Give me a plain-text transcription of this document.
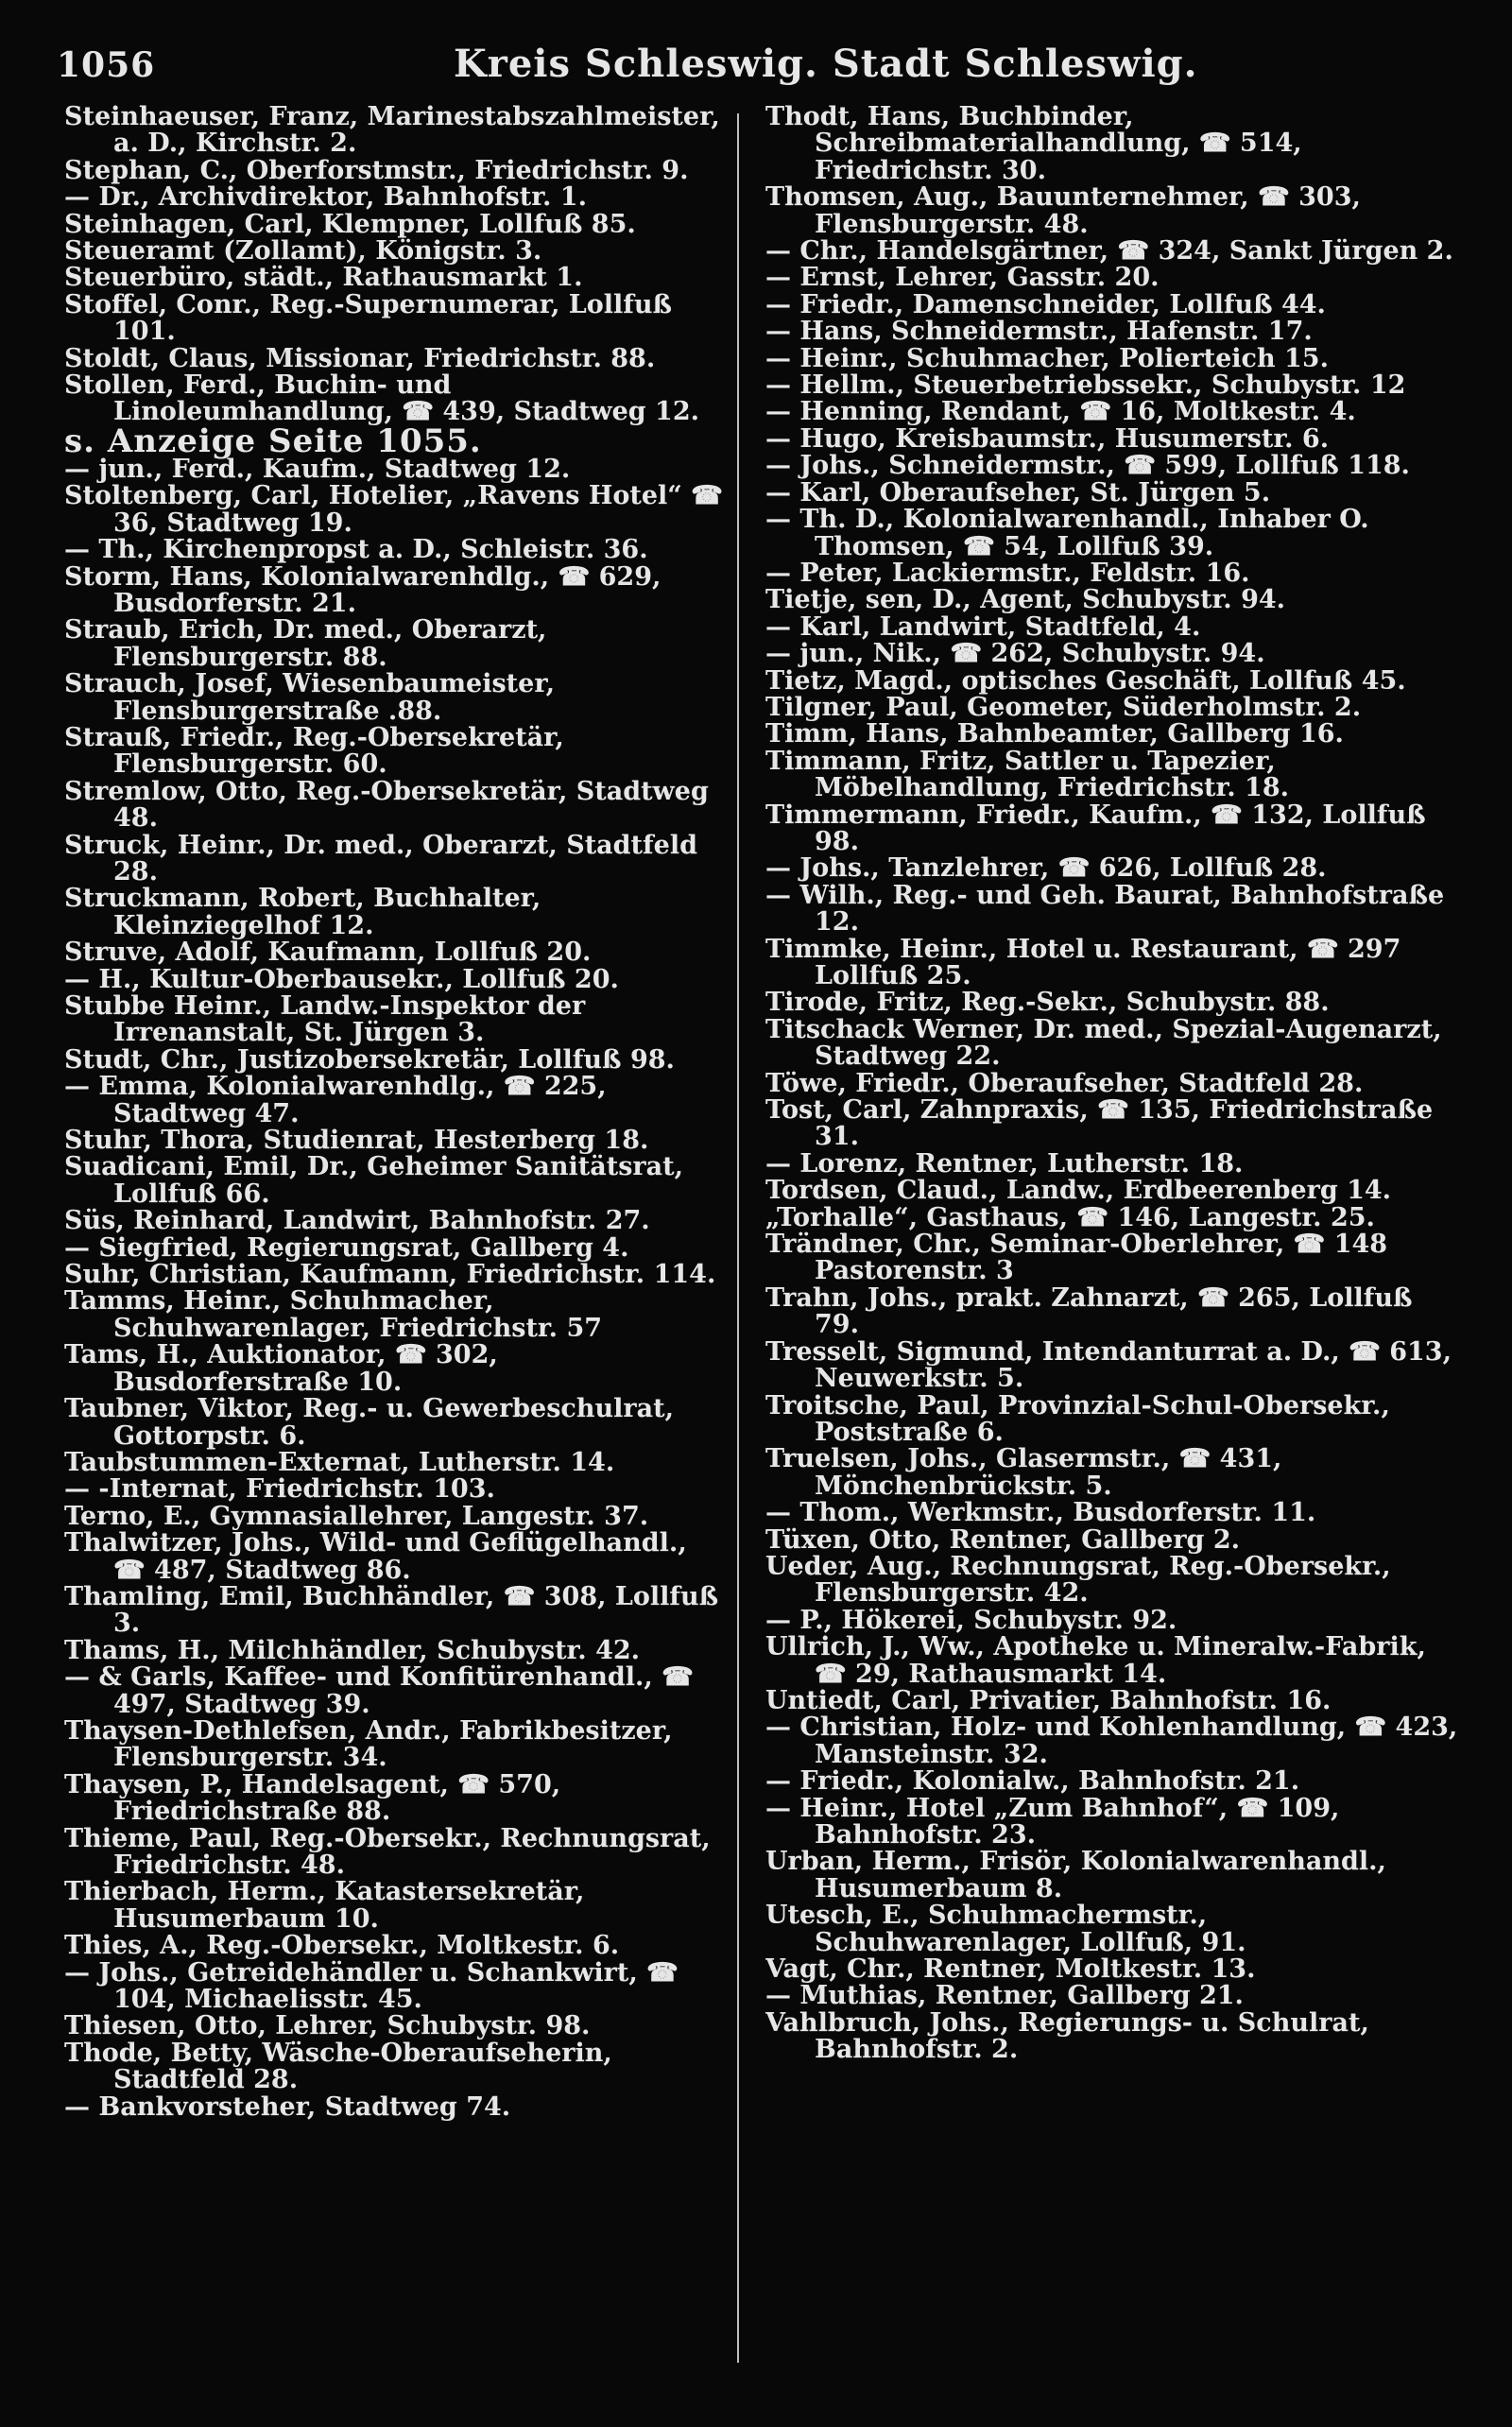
1056	Kreis Schleswig. Stadt Schleswig.

Steinhaeuser, Franz, Marinestabszahlmeister, a. D., Kirchstr. 2.

Stephan, C., Oberforstmstr., Friedrichstr. 9.

— Dr., Archivdirektor, Bahnhofstr. 1.

Steinhagen, Carl, Klempner, Lollfuß 85.

Steueramt (Zollamt), Königstr. 3.

Steuerbüro, städt., Rathausmarkt 1.

Stoffel, Conr., Reg.-Supernumerar, Lollfuß 101.

Stoldt, Claus, Missionar, Friedrichstr. 88.

Stollen, Ferd., Buchin- und Linoleumhandlung, ☎ 439, Stadtweg 12.

s. Anzeige Seite 1055.

— jun., Ferd., Kaufm., Stadtweg 12.

Stoltenberg, Carl, Hotelier, „Ravens Hotel“ ☎ 36, Stadtweg 19.

— Th., Kirchenpropst a. D., Schleistr. 36.

Storm, Hans, Kolonialwarenhdlg., ☎ 629, Busdorferstr. 21.

Straub, Erich, Dr. med., Oberarzt, Flensburgerstr. 88.

Strauch, Josef, Wiesenbaumeister, Flensburgerstraße .88.

Strauß, Friedr., Reg.-Obersekretär, Flensburgerstr. 60.

Stremlow, Otto, Reg.-Obersekretär, Stadtweg 48.

Struck, Heinr., Dr. med., Oberarzt, Stadtfeld 28.

Struckmann, Robert, Buchhalter, Kleinziegelhof 12.

Struve, Adolf, Kaufmann, Lollfuß 20.

— H., Kultur-Oberbausekr., Lollfuß 20.

Stubbe Heinr., Landw.-Inspektor der Irrenanstalt, St. Jürgen 3.

Studt, Chr., Justizobersekretär, Lollfuß 98.

— Emma, Kolonialwarenhdlg., ☎ 225, Stadtweg 47.

Stuhr, Thora, Studienrat, Hesterberg 18.

Suadicani, Emil, Dr., Geheimer Sanitätsrat, Lollfuß 66.

Süs, Reinhard, Landwirt, Bahnhofstr. 27.

— Siegfried, Regierungsrat, Gallberg 4.

Suhr, Christian, Kaufmann, Friedrichstr. 114.

Tamms, Heinr., Schuhmacher, Schuhwarenlager, Friedrichstr. 57

Tams, H., Auktionator, ☎ 302, Busdorferstraße 10.

Taubner, Viktor, Reg.- u. Gewerbeschulrat, Gottorpstr. 6.

Taubstummen-Externat, Lutherstr. 14.

— -Internat, Friedrichstr. 103.

Terno, E., Gymnasiallehrer, Langestr. 37.

Thalwitzer, Johs., Wild- und Geflügelhandl., ☎ 487, Stadtweg 86.

Thamling, Emil, Buchhändler, ☎ 308, Lollfuß 3.

Thams, H., Milchhändler, Schubystr. 42.

— & Garls, Kaffee- und Konfitürenhandl., ☎ 497, Stadtweg 39.

Thaysen-Dethlefsen, Andr., Fabrikbesitzer, Flensburgerstr. 34.

Thaysen, P., Handelsagent, ☎ 570, Friedrichstraße 88.

Thieme, Paul, Reg.-Obersekr., Rechnungsrat, Friedrichstr. 48.

Thierbach, Herm., Katastersekretär, Husumerbaum 10.

Thies, A., Reg.-Obersekr., Moltkestr. 6.

— Johs., Getreidehändler u. Schankwirt, ☎ 104, Michaelisstr. 45.

Thiesen, Otto, Lehrer, Schubystr. 98.

Thode, Betty, Wäsche-Oberaufseherin, Stadtfeld 28.

— Bankvorsteher, Stadtweg 74.

Thodt, Hans, Buchbinder, Schreibmaterialhandlung, ☎ 514, Friedrichstr. 30.

Thomsen, Aug., Bauunternehmer, ☎ 303, Flensburgerstr. 48.

— Chr., Handelsgärtner, ☎ 324, Sankt Jürgen 2.

— Ernst, Lehrer, Gasstr. 20.

— Friedr., Damenschneider, Lollfuß 44.

— Hans, Schneidermstr., Hafenstr. 17.

— Heinr., Schuhmacher, Polierteich 15.

— Hellm., Steuerbetriebssekr., Schubystr. 12

— Henning, Rendant, ☎ 16, Moltkestr. 4.

— Hugo, Kreisbaumstr., Husumerstr. 6.

— Johs., Schneidermstr., ☎ 599, Lollfuß 118.

— Karl, Oberaufseher, St. Jürgen 5.

— Th. D., Kolonialwarenhandl., Inhaber O. Thomsen, ☎ 54, Lollfuß 39.

— Peter, Lackiermstr., Feldstr. 16.

Tietje, sen, D., Agent, Schubystr. 94.

— Karl, Landwirt, Stadtfeld, 4.

— jun., Nik., ☎ 262, Schubystr. 94.

Tietz, Magd., optisches Geschäft, Lollfuß 45.

Tilgner, Paul, Geometer, Süderholmstr. 2.

Timm, Hans, Bahnbeamter, Gallberg 16.

Timmann, Fritz, Sattler u. Tapezier, Möbelhandlung, Friedrichstr. 18.

Timmermann, Friedr., Kaufm., ☎ 132, Lollfuß 98.

— Johs., Tanzlehrer, ☎ 626, Lollfuß 28.

— Wilh., Reg.- und Geh. Baurat, Bahnhofstraße 12.

Timmke, Heinr., Hotel u. Restaurant, ☎ 297 Lollfuß 25.

Tirode, Fritz, Reg.-Sekr., Schubystr. 88.

Titschack Werner, Dr. med., Spezial-Augenarzt, Stadtweg 22.

Töwe, Friedr., Oberaufseher, Stadtfeld 28.

Tost, Carl, Zahnpraxis, ☎ 135, Friedrichstraße 31.

— Lorenz, Rentner, Lutherstr. 18.

Tordsen, Claud., Landw., Erdbeerenberg 14.

„Torhalle“, Gasthaus, ☎ 146, Langestr. 25.

Trändner, Chr., Seminar-Oberlehrer, ☎ 148 Pastorenstr. 3

Trahn, Johs., prakt. Zahnarzt, ☎ 265, Lollfuß 79.

Tresselt, Sigmund, Intendanturrat a. D., ☎ 613, Neuwerkstr. 5.

Troitsche, Paul, Provinzial-Schul-Obersekr., Poststraße 6.

Truelsen, Johs., Glasermstr., ☎ 431, Mönchenbrückstr. 5.

— Thom., Werkmstr., Busdorferstr. 11.

Tüxen, Otto, Rentner, Gallberg 2.

Ueder, Aug., Rechnungsrat, Reg.-Obersekr., Flensburgerstr. 42.

— P., Hökerei, Schubystr. 92.

Ullrich, J., Ww., Apotheke u. Mineralw.-Fabrik, ☎ 29, Rathausmarkt 14.

Untiedt, Carl, Privatier, Bahnhofstr. 16.

— Christian, Holz- und Kohlenhandlung, ☎ 423, Mansteinstr. 32.

— Friedr., Kolonialw., Bahnhofstr. 21.

— Heinr., Hotel „Zum Bahnhof“, ☎ 109, Bahnhofstr. 23.

Urban, Herm., Frisör, Kolonialwarenhandl., Husumerbaum 8.

Utesch, E., Schuhmachermstr., Schuhwarenlager, Lollfuß, 91.

Vagt, Chr., Rentner, Moltkestr. 13.

— Muthias, Rentner, Gallberg 21.

Vahlbruch, Johs., Regierungs- u. Schulrat, Bahnhofstr. 2.
